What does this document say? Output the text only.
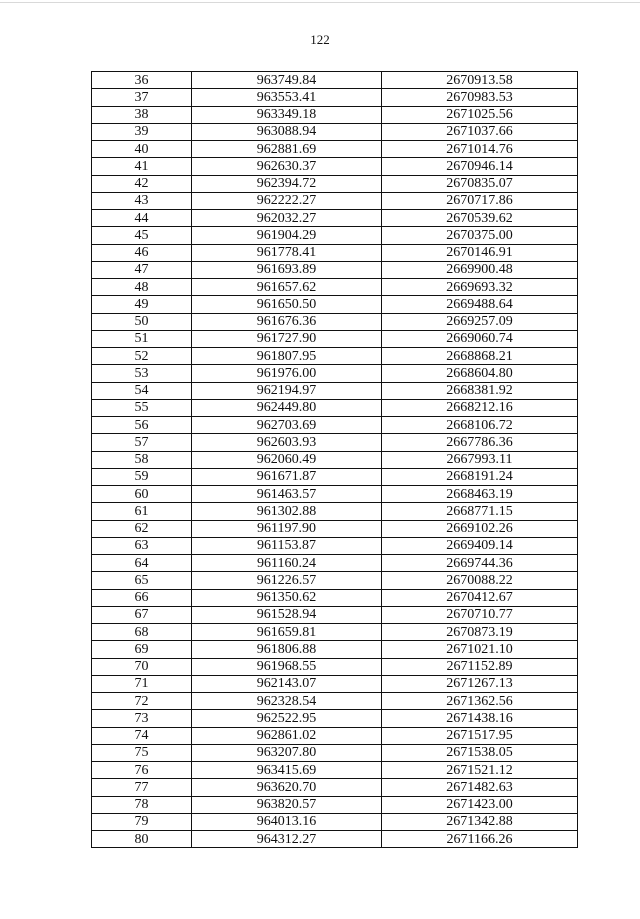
122
36	963749.84	2670913.58
37	963553.41	2670983.53
38	963349.18	2671025.56
39	963088.94	2671037.66
40	962881.69	2671014.76
41	962630.37	2670946.14
42	962394.72	2670835.07
43	962222.27	2670717.86
44	962032.27	2670539.62
45	961904.29	2670375.00
46	961778.41	2670146.91
47	961693.89	2669900.48
48	961657.62	2669693.32
49	961650.50	2669488.64
50	961676.36	2669257.09
51	961727.90	2669060.74
52	961807.95	2668868.21
53	961976.00	2668604.80
54	962194.97	2668381.92
55	962449.80	2668212.16
56	962703.69	2668106.72
57	962603.93	2667786.36
58	962060.49	2667993.11
59	961671.87	2668191.24
60	961463.57	2668463.19
61	961302.88	2668771.15
62	961197.90	2669102.26
63	961153.87	2669409.14
64	961160.24	2669744.36
65	961226.57	2670088.22
66	961350.62	2670412.67
67	961528.94	2670710.77
68	961659.81	2670873.19
69	961806.88	2671021.10
70	961968.55	2671152.89
71	962143.07	2671267.13
72	962328.54	2671362.56
73	962522.95	2671438.16
74	962861.02	2671517.95
75	963207.80	2671538.05
76	963415.69	2671521.12
77	963620.70	2671482.63
78	963820.57	2671423.00
79	964013.16	2671342.88
80	964312.27	2671166.26
